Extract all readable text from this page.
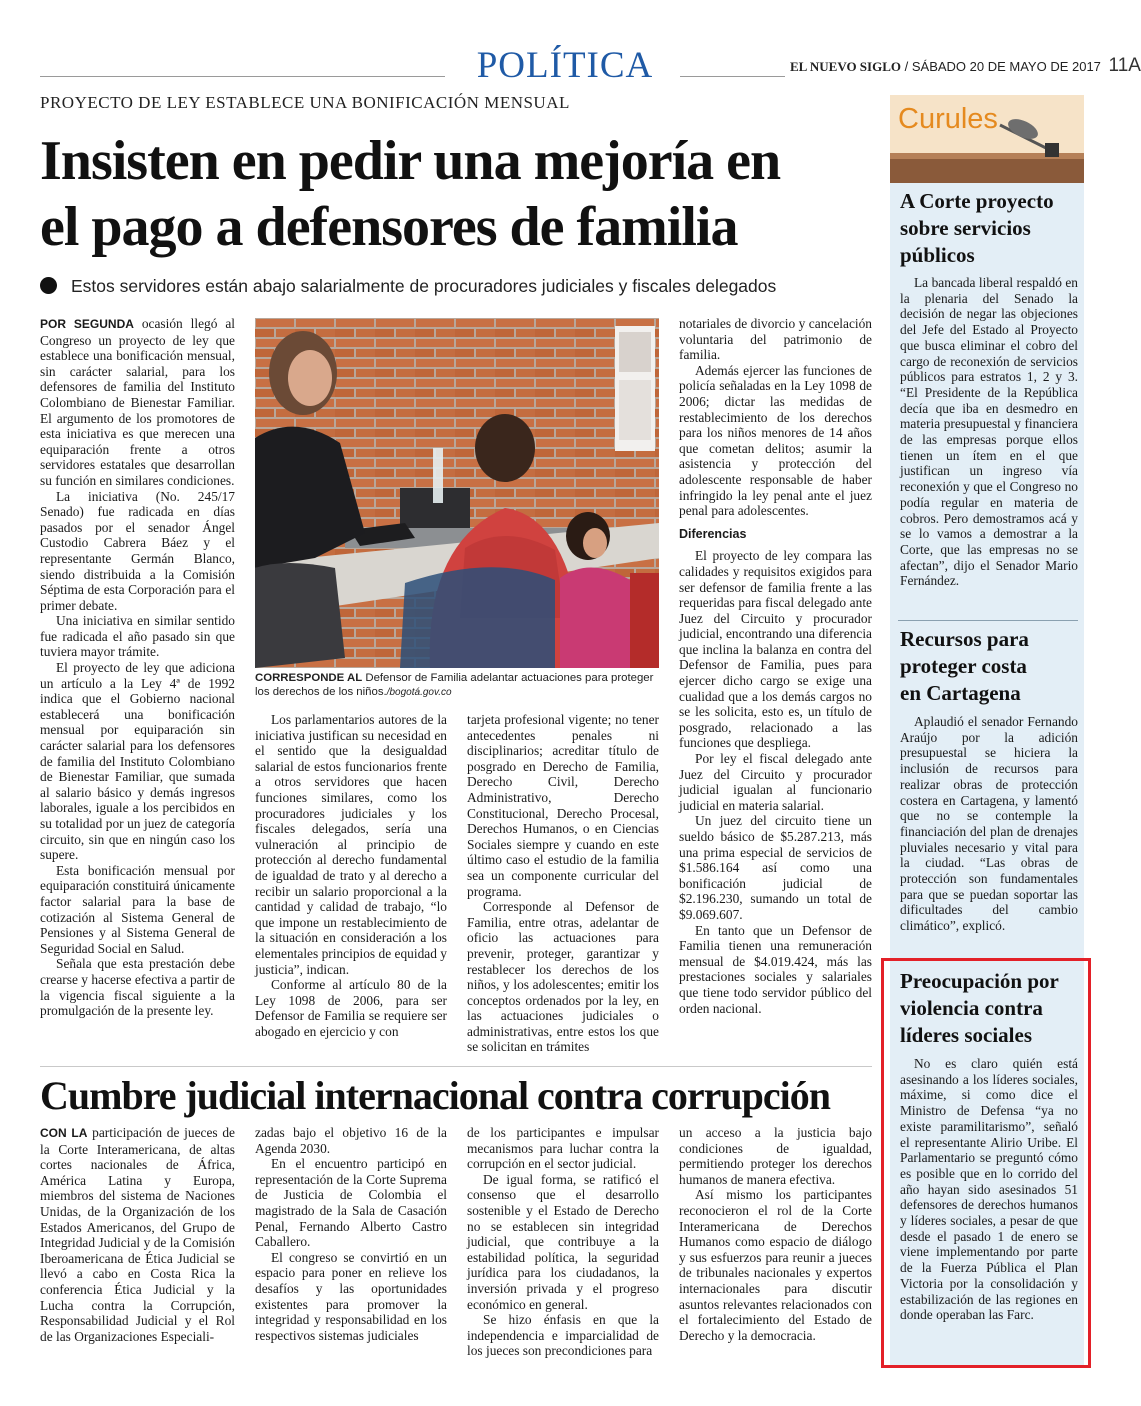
POLÍTICA	EL NUEVO SIGLO / SÁBADO 20 DE MAYO DE 2017 11A
PROYECTO DE LEY ESTABLECE UNA BONIFICACIÓN MENSUAL
Insisten en pedir una mejoría en
el pago a defensores de familia
Estos servidores están abajo salarialmente de procuradores judiciales y fiscales delegados

POR SEGUNDA ocasión llegó al Congreso un proyecto de ley que establece una bonificación mensual, sin carácter salarial, para los defensores de familia del Instituto Colombiano de Bienestar Familiar. El argumento de los promotores de esta iniciativa es que merecen una equiparación frente a otros servidores estatales que desarrollan su función en similares condiciones.

La iniciativa (No. 245/17 Senado) fue radicada en días pasados por el senador Ángel Custodio Cabrera Báez y el representante Germán Blanco, siendo distribuida a la Comisión Séptima de esta Corporación para el primer debate.

Una iniciativa en similar sentido fue radicada el año pasado sin que tuviera mayor trámite.

El proyecto de ley que adiciona un artículo a la Ley 4ª de 1992 indica que el Gobierno nacional establecerá una bonificación mensual por equiparación sin carácter salarial para los defensores de familia del Instituto Colombiano de Bienestar Familiar, que sumada al salario básico y demás ingresos laborales, iguale a los percibidos en su totalidad por un juez de categoría circuito, sin que en ningún caso los supere.

Esta bonificación mensual por equiparación constituirá únicamente factor salarial para la base de cotización al Sistema General de Pensiones y al Sistema General de Seguridad Social en Salud.

Señala que esta prestación debe crearse y hacerse efectiva a partir de la vigencia fiscal siguiente a la promulgación de la presente ley.

CORRESPONDE AL Defensor de Familia adelantar actuaciones para proteger los derechos de los niños./bogotá.gov.co

Los parlamentarios autores de la iniciativa justifican su necesidad en el sentido que la desigualdad salarial de estos funcionarios frente a otros servidores que hacen funciones similares, como los procuradores judiciales y los fiscales delegados, sería una vulneración al principio de protección al derecho fundamental de igualdad de trato y al derecho a recibir un salario proporcional a la cantidad y calidad de trabajo, “lo que impone un restablecimiento de la situación en consideración a los elementales principios de equidad y justicia”, indican.

Conforme al artículo 80 de la Ley 1098 de 2006, para ser Defensor de Familia se requiere ser abogado en ejercicio y con

tarjeta profesional vigente; no tener antecedentes penales ni disciplinarios; acreditar título de posgrado en Derecho de Familia, Derecho Civil, Derecho Administrativo, Derecho Constitucional, Derecho Procesal, Derechos Humanos, o en Ciencias Sociales siempre y cuando en este último caso el estudio de la familia sea un componente curricular del programa.

Corresponde al Defensor de Familia, entre otras, adelantar de oficio las actuaciones para prevenir, proteger, garantizar y restablecer los derechos de los niños, y los adolescentes; emitir los conceptos ordenados por la ley, en las actuaciones judiciales o administrativas, entre estos los que se solicitan en trámites

notariales de divorcio y cancelación voluntaria del patrimonio de familia.

Además ejercer las funciones de policía señaladas en la Ley 1098 de 2006; dictar las medidas de restablecimiento de los derechos para los niños menores de 14 años que cometan delitos; asumir la asistencia y protección del adolescente responsable de haber infringido la ley penal ante el juez penal para adolescentes.

Diferencias

El proyecto de ley compara las calidades y requisitos exigidos para ser defensor de familia frente a las requeridas para fiscal delegado ante Juez del Circuito y procurador judicial, encontrando una diferencia que inclina la balanza en contra del Defensor de Familia, pues para ejercer dicho cargo se exige una cualidad que a los demás cargos no se les solicita, esto es, un título de posgrado, relacionado a las funciones que despliega.

Por ley el fiscal delegado ante Juez del Circuito y procurador judicial igualan al funcionario judicial en materia salarial.

Un juez del circuito tiene un sueldo básico de $5.287.213, más una prima especial de servicios de $1.586.164 así como una bonificación judicial de $2.196.230, sumando un total de $9.069.607.

En tanto que un Defensor de Familia tienen una remuneración mensual de $4.019.424, más las prestaciones sociales y salariales que tiene todo servidor público del orden nacional.

Cumbre judicial internacional contra corrupción

CON LA participación de jueces de la Corte Interamericana, de altas cortes nacionales de África, América Latina y Europa, miembros del sistema de Naciones Unidas, de la Organización de los Estados Americanos, del Grupo de Integridad Judicial y de la Comisión Iberoamericana de Ética Judicial se llevó a cabo en Costa Rica la conferencia Ética Judicial y la Lucha contra la Corrupción, Responsabilidad Judicial y el Rol de las Organizaciones Especiali-

zadas bajo el objetivo 16 de la Agenda 2030.

En el encuentro participó en representación de la Corte Suprema de Justicia de Colombia el magistrado de la Sala de Casación Penal, Fernando Alberto Castro Caballero.

El congreso se convirtió en un espacio para poner en relieve los desafíos y las oportunidades existentes para promover la integridad y responsabilidad en los respectivos sistemas judiciales

de los participantes e impulsar mecanismos para luchar contra la corrupción en el sector judicial.

De igual forma, se ratificó el consenso que el desarrollo sostenible y el Estado de Derecho no se establecen sin integridad judicial, que contribuye a la estabilidad política, la seguridad jurídica para los ciudadanos, la inversión privada y el progreso económico en general.

Se hizo énfasis en que la independencia e imparcialidad de los jueces son precondiciones para

un acceso a la justicia bajo condiciones de igualdad, permitiendo proteger los derechos humanos de manera efectiva.

Así mismo los participantes reconocieron el rol de la Corte Interamericana de Derechos Humanos como espacio de diálogo y sus esfuerzos para reunir a jueces de tribunales nacionales y expertos internacionales para discutir asuntos relevantes relacionados con el fortalecimiento del Estado de Derecho y la democracia.

Curules
A Corte proyecto
sobre servicios
públicos

La bancada liberal respaldó en la plenaria del Senado la decisión de negar las objeciones del Jefe del Estado al Proyecto que busca eliminar el cobro del cargo de reconexión de servicios públicos para estratos 1, 2 y 3. “El Presidente de la República decía que iba en desmedro en materia presupuestal y financiera de las empresas porque ellos tienen un ítem en el que justifican un ingreso vía reconexión y que el Congreso no podía regular en materia de cobros. Pero demostramos acá y se lo vamos a demostrar a la Corte, que las empresas no se afectan”, dijo el Senador Mario Fernández.

Recursos para
proteger costa
en Cartagena

Aplaudió el senador Fernando Araújo por la adición presupuestal se hiciera la inclusión de recursos para realizar obras de protección costera en Cartagena, y lamentó que no se contemple la financiación del plan de drenajes pluviales necesario y vital para la ciudad. “Las obras de protección son fundamentales para que se puedan soportar las dificultades del cambio climático”, explicó.

Preocupación por
violencia contra
líderes sociales

No es claro quién está asesinando a los líderes sociales, máxime, si como dice el Ministro de Defensa “ya no existe paramilitarismo”, señaló el representante Alirio Uribe. El Parlamentario se preguntó cómo es posible que en lo corrido del año hayan sido asesinados 51 defensores de derechos humanos y líderes sociales, a pesar de que desde el pasado 1 de enero se viene implementando por parte de la Fuerza Pública el Plan Victoria por la consolidación y estabilización de las regiones en donde operaban las Farc.
